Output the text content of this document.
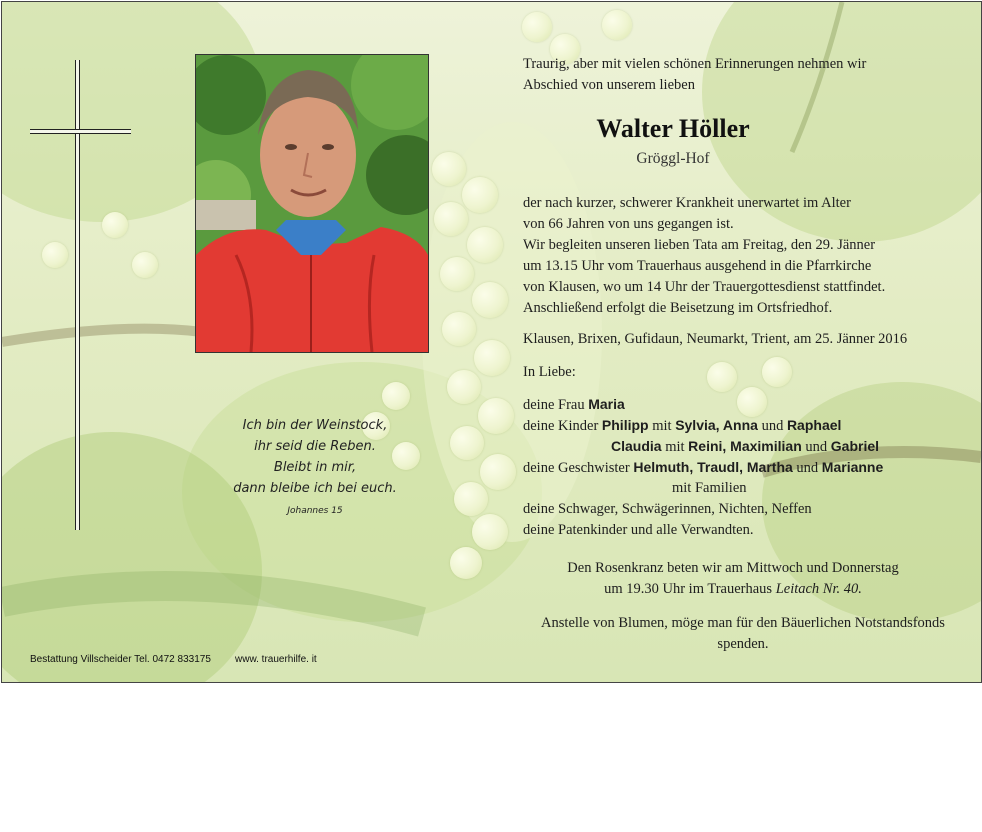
Ich bin der Weinstock,
ihr seid die Reben.
Bleibt in mir,
dann bleibe ich bei euch.
Johannes 15
Traurig, aber mit vielen schönen Erinnerungen nehmen wir
Abschied von unserem lieben
Walter Höller
Gröggl-Hof
der nach kurzer, schwerer Krankheit unerwartet im Alter
von 66 Jahren von uns gegangen ist.
Wir begleiten unseren lieben Tata am Freitag, den 29. Jänner
um 13.15 Uhr vom Trauerhaus ausgehend in die Pfarrkirche
von Klausen, wo um 14 Uhr der Trauergottesdienst stattfindet.
Anschließend erfolgt die Beisetzung im Ortsfriedhof.
Klausen, Brixen, Gufidaun, Neumarkt, Trient, am 25. Jänner 2016
In Liebe:
deine Frau Maria
deine Kinder Philipp mit Sylvia, Anna und Raphael
Claudia mit Reini, Maximilian und Gabriel
deine Geschwister Helmuth, Traudl, Martha und Marianne
mit Familien
deine Schwager, Schwägerinnen, Nichten, Neffen
deine Patenkinder und alle Verwandten.
Den Rosenkranz beten wir am Mittwoch und Donnerstag
um 19.30 Uhr im Trauerhaus Leitach Nr. 40.
Anstelle von Blumen, möge man für den Bäuerlichen Notstandsfonds
spenden.
Bestattung Villscheider Tel. 0472 833175 www. trauerhilfe. it
